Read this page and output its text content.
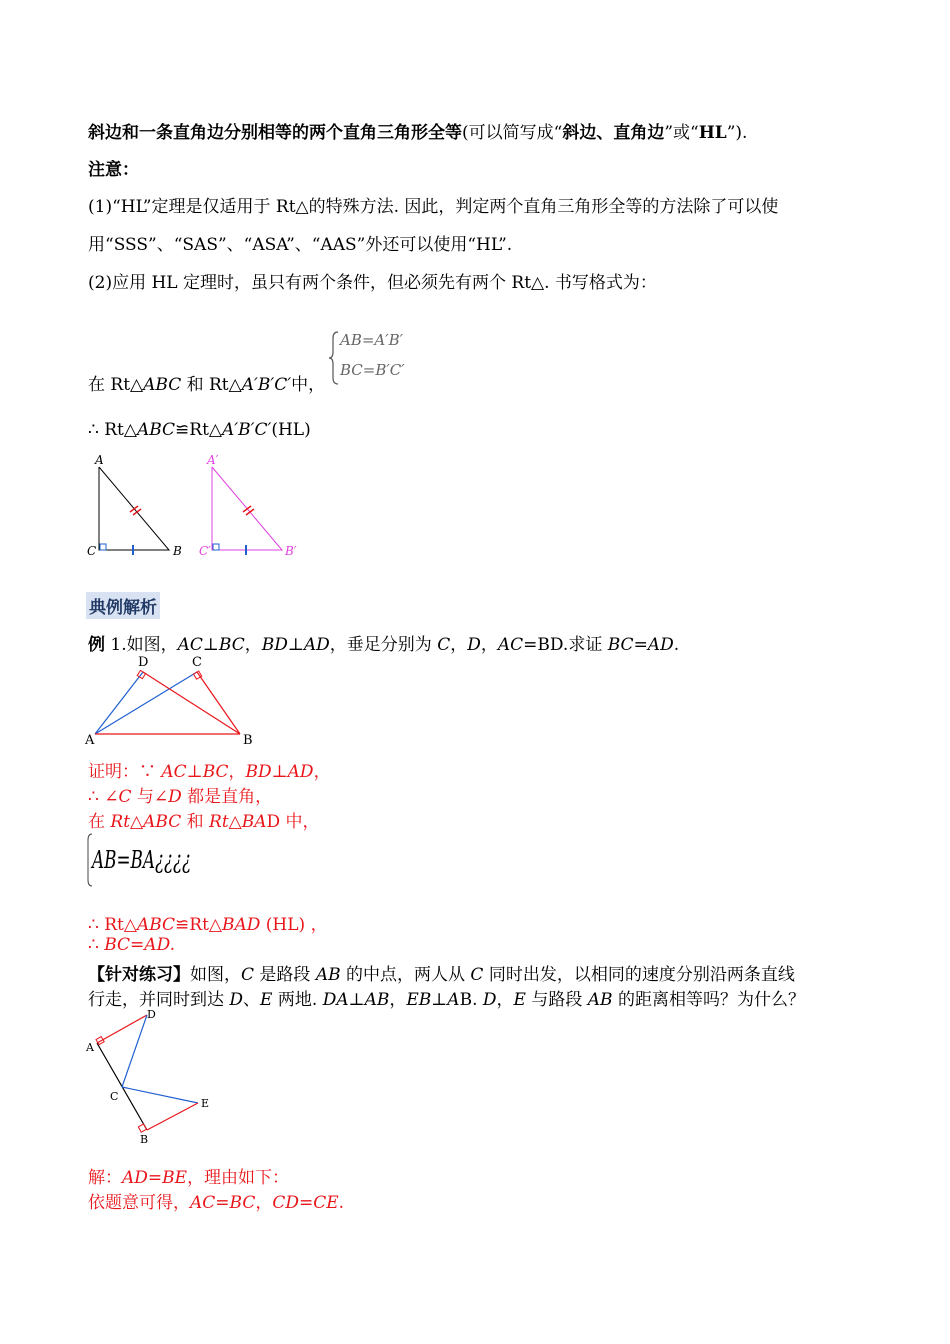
斜边和一条直角边分别相等的两个直角三角形全等(可以简写成“斜边、直角边”或“HL”).
注意：
(1)“HL”定理是仅适用于 Rt△的特殊方法. 因此，判定两个直角三角形全等的方法除了可以使
用“SSS”、“SAS”、“ASA”、“AAS”外还可以使用“HL”.
(2)应用 HL 定理时，虽只有两个条件，但必须先有两个 Rt△. 书写格式为：
AB=A′B′
BC=B′C′
在 Rt△ABC 和 Rt△A′B′C′中，
∴ Rt△ABC≌Rt△A′B′C′(HL)
A
C	B
A′
C′	B′
典例解析
例 1.如图，AC⊥BC，BD⊥AD，垂足分别为 C，D，AC=BD.求证 BC=AD.
D	C
A	B
证明：∵ AC⊥BC，BD⊥AD，
∴ ∠C 与∠D 都是直角，
在 Rt△ABC 和 Rt△BAD 中，
AB=BA¿¿¿¿
∴ Rt△ABC≌Rt△BAD (HL) ，
∴ BC=AD.
【针对练习】如图，C 是路段 AB 的中点，两人从 C 同时出发，以相同的速度分别沿两条直线
行走，并同时到达 D、E 两地. DA⊥AB，EB⊥AB. D，E 与路段 AB 的距离相等吗？为什么？
D
A
C
E
B
解：AD=BE，理由如下：
依题意可得，AC=BC，CD=CE.
